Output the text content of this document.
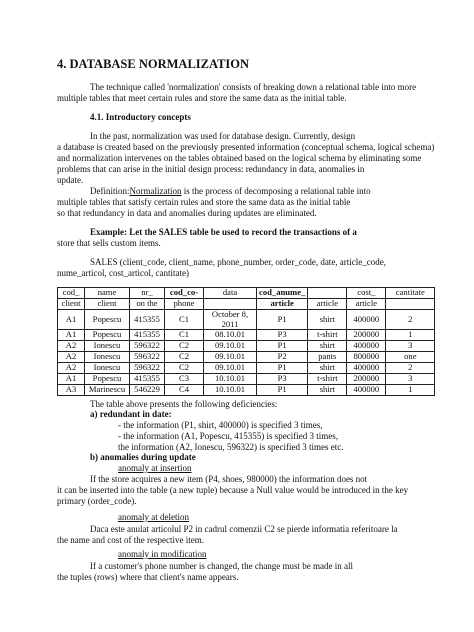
4. DATABASE NORMALIZATION
The technique called 'normalization' consists of breaking down a relational table into more
multiple tables that meet certain rules and store the same data as the initial table.
4.1. Introductory concepts
In the past, normalization was used for database design. Currently, design
a database is created based on the previously presented information (conceptual schema, logical schema)
and normalization intervenes on the tables obtained based on the logical schema by eliminating some
problems that can arise in the initial design process: redundancy in data, anomalies in
update.
Definition:Normalization is the process of decomposing a relational table into
multiple tables that satisfy certain rules and store the same data as the initial table
so that redundancy in data and anomalies during updates are eliminated.
Example: Let the SALES table be used to record the transactions of a
store that sells custom items.
SALES (client_code, client_name, phone_number, order_code, date, article_code,
nume_articol, cost_articol, cantitate)
cod_	name	nr_	cod_co-	data	cod_anume_		cost_	cantitate
client	client	on the	phone		article	article	article	
A1	Popescu	415355	C1	October 8, 2011	P1	shirt	400000	2
A1	Popescu	415355	C1	08.10.01	P3	t-shirt	200000	1
A2	Ionescu	596322	C2	09.10.01	P1	shirt	400000	3
A2	Ionescu	596322	C2	09.10.01	P2	pants	800000	one
A2	Ionescu	596322	C2	09.10.01	P1	shirt	400000	2
A1	Popescu	415355	C3	10.10.01	P3	t-shirt	200000	3
A3	Marinescu	546229	C4	10.10.01	P1	shirt	400000	1
The table above presents the following deficiencies:
a) redundant in date:
- the information (P1, shirt, 400000) is specified 3 times,
- the information (A1, Popescu, 415355) is specified 3 times,
the information (A2, Ionescu, 596322) is specified 3 times etc.
b) anomalies during update
anomaly at insertion
If the store acquires a new item (P4, shoes, 980000) the information does not
it can be inserted into the table (a new tuple) because a Null value would be introduced in the key
primary (order_code).
anomaly at deletion
Daca este anulat articolul P2 in cadrul comenzii C2 se pierde informatia referitoare la
the name and cost of the respective item.
anomaly in modification
If a customer's phone number is changed, the change must be made in all
the tuples (rows) where that client's name appears.
